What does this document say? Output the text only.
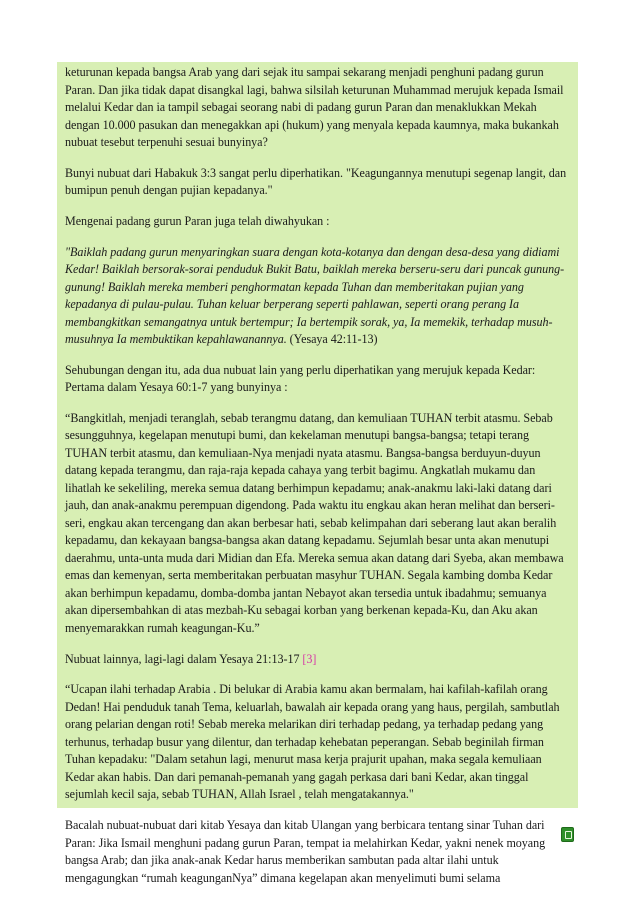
keturunan kepada bangsa Arab yang dari sejak itu sampai sekarang menjadi penghuni padang gurun Paran. Dan jika tidak dapat disangkal lagi, bahwa silsilah keturunan Muhammad merujuk kepada Ismail melalui Kedar dan ia tampil sebagai seorang nabi di padang gurun Paran dan menaklukkan Mekah dengan 10.000 pasukan dan menegakkan api (hukum) yang menyala kepada kaumnya, maka bukankah nubuat tesebut terpenuhi sesuai bunyinya?

Bunyi nubuat dari Habakuk 3:3 sangat perlu diperhatikan. "Keagungannya menutupi segenap langit, dan bumipun penuh dengan pujian kepadanya."

Mengenai padang gurun Paran juga telah diwahyukan :

"Baiklah padang gurun menyaringkan suara dengan kota-kotanya dan dengan desa-desa yang didiami Kedar! Baiklah bersorak-sorai penduduk Bukit Batu, baiklah mereka berseru-seru dari puncak gunung-gunung! Baiklah mereka memberi penghormatan kepada Tuhan dan memberitakan pujian yang kepadanya di pulau-pulau. Tuhan keluar berperang seperti pahlawan, seperti orang perang Ia membangkitkan semangatnya untuk bertempur; Ia bertempik sorak, ya, Ia memekik, terhadap musuh-musuhnya Ia membuktikan kepahlawanannya. (Yesaya 42:11-13)

Sehubungan dengan itu, ada dua nubuat lain yang perlu diperhatikan yang merujuk kepada Kedar: Pertama dalam Yesaya 60:1-7 yang bunyinya :

“Bangkitlah, menjadi teranglah, sebab terangmu datang, dan kemuliaan TUHAN terbit atasmu. Sebab sesungguhnya, kegelapan menutupi bumi, dan kekelaman menutupi bangsa-bangsa; tetapi terang TUHAN terbit atasmu, dan kemuliaan-Nya menjadi nyata atasmu. Bangsa-bangsa berduyun-duyun datang kepada terangmu, dan raja-raja kepada cahaya yang terbit bagimu. Angkatlah mukamu dan lihatlah ke sekeliling, mereka semua datang berhimpun kepadamu; anak-anakmu laki-laki datang dari jauh, dan anak-anakmu perempuan digendong. Pada waktu itu engkau akan heran melihat dan berseri-seri, engkau akan tercengang dan akan berbesar hati, sebab kelimpahan dari seberang laut akan beralih kepadamu, dan kekayaan bangsa-bangsa akan datang kepadamu. Sejumlah besar unta akan menutupi daerahmu, unta-unta muda dari Midian dan Efa. Mereka semua akan datang dari Syeba, akan membawa emas dan kemenyan, serta memberitakan perbuatan masyhur TUHAN. Segala kambing domba Kedar akan berhimpun kepadamu, domba-domba jantan Nebayot akan tersedia untuk ibadahmu; semuanya akan dipersembahkan di atas mezbah-Ku sebagai korban yang berkenan kepada-Ku, dan Aku akan menyemarakkan rumah keagungan-Ku.”

Nubuat lainnya, lagi-lagi dalam Yesaya 21:13-17 [3]

“Ucapan ilahi terhadap Arabia . Di belukar di Arabia kamu akan bermalam, hai kafilah-kafilah orang Dedan! Hai penduduk tanah Tema, keluarlah, bawalah air kepada orang yang haus, pergilah, sambutlah orang pelarian dengan roti! Sebab mereka melarikan diri terhadap pedang, ya terhadap pedang yang terhunus, terhadap busur yang dilentur, dan terhadap kehebatan peperangan. Sebab beginilah firman Tuhan kepadaku: "Dalam setahun lagi, menurut masa kerja prajurit upahan, maka segala kemuliaan Kedar akan habis. Dan dari pemanah-pemanah yang gagah perkasa dari bani Kedar, akan tinggal sejumlah kecil saja, sebab TUHAN, Allah Israel , telah mengatakannya."

Bacalah nubuat-nubuat dari kitab Yesaya dan kitab Ulangan yang berbicara tentang sinar Tuhan dari Paran: Jika Ismail menghuni padang gurun Paran, tempat ia melahirkan Kedar, yakni nenek moyang bangsa Arab; dan jika anak-anak Kedar harus memberikan sambutan pada altar ilahi untuk mengagungkan “rumah keagunganNya” dimana kegelapan akan menyelimuti bumi selama
